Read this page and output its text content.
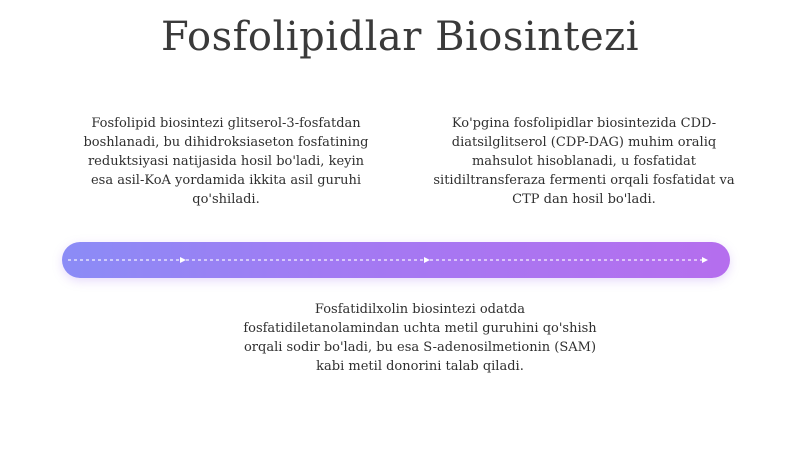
Fosfolipidlar Biosintezi
Fosfolipid biosintezi glitserol-3-fosfatdan boshlanadi, bu dihidroksiaseton fosfatining reduktsiyasi natijasida hosil bo'ladi, keyin esa asil-KoA yordamida ikkita asil guruhi qo'shiladi.
Ko'pgina fosfolipidlar biosintezida CDD-diatsilglitserol (CDP-DAG) muhim oraliq mahsulot hisoblanadi, u fosfatidat sitidiltransferaza fermenti orqali fosfatidat va CTP dan hosil bo'ladi.
Fosfatidilxolin biosintezi odatda fosfatidiletanolamindan uchta metil guruhini qo'shish orqali sodir bo'ladi, bu esa S-adenosilmetionin (SAM) kabi metil donorini talab qiladi.
